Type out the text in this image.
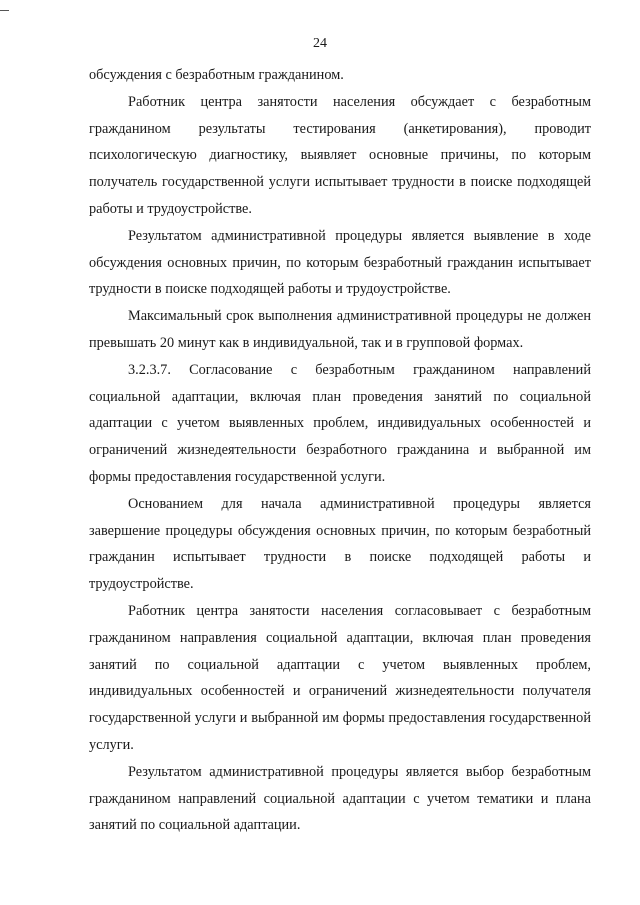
24

обсуждения с безработным гражданином.

Работник центра занятости населения обсуждает с безработным гражданином результаты тестирования (анкетирования), проводит психологическую диагностику, выявляет основные причины, по которым получатель государственной услуги испытывает трудности в поиске подходящей работы и трудоустройстве.

Результатом административной процедуры является выявление в ходе обсуждения основных причин, по которым безработный гражданин испытывает трудности в поиске подходящей работы и трудоустройстве.

Максимальный срок выполнения административной процедуры не должен превышать 20 минут как в индивидуальной, так и в групповой формах.

3.2.3.7. Согласование с безработным гражданином направлений социальной адаптации, включая план проведения занятий по социальной адаптации с учетом выявленных проблем, индивидуальных особенностей и ограничений жизнедеятельности безработного гражданина и выбранной им формы предоставления государственной услуги.

Основанием для начала административной процедуры является завершение процедуры обсуждения основных причин, по которым безработный гражданин испытывает трудности в поиске подходящей работы и трудоустройстве.

Работник центра занятости населения согласовывает с безработным гражданином направления социальной адаптации, включая план проведения занятий по социальной адаптации с учетом выявленных проблем, индивидуальных особенностей и ограничений жизнедеятельности получателя государственной услуги и выбранной им формы предоставления государственной услуги.

Результатом административной процедуры является выбор безработным гражданином направлений социальной адаптации с учетом тематики и плана занятий по социальной адаптации.
